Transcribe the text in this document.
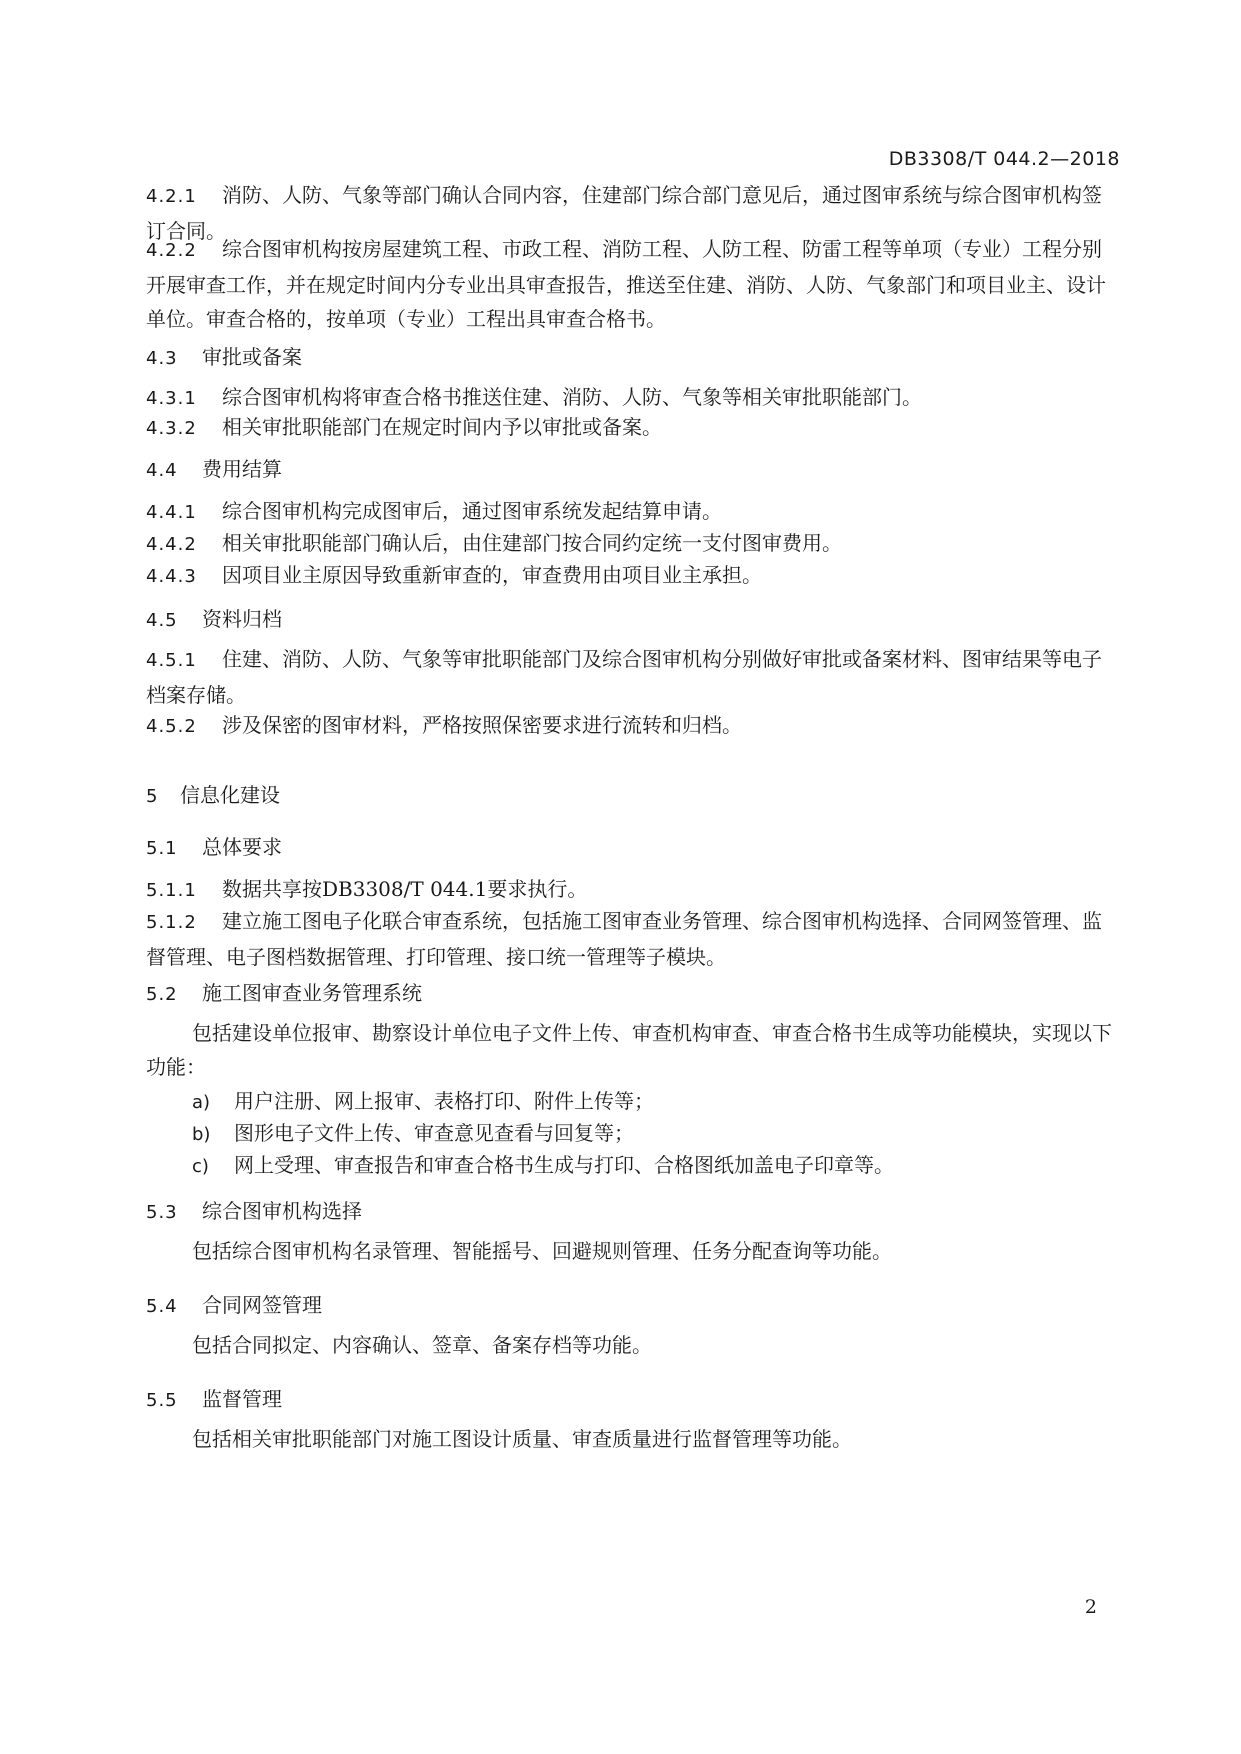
DB3308/T 044.2—2018
4.2.1 消防、人防、气象等部门确认合同内容，住建部门综合部门意见后，通过图审系统与综合图审机构签订合同。
4.2.2 综合图审机构按房屋建筑工程、市政工程、消防工程、人防工程、防雷工程等单项（专业）工程分别开展审查工作，并在规定时间内分专业出具审查报告，推送至住建、消防、人防、气象部门和项目业主、设计单位。审查合格的，按单项（专业）工程出具审查合格书。
4.3 审批或备案
4.3.1 综合图审机构将审查合格书推送住建、消防、人防、气象等相关审批职能部门。
4.3.2 相关审批职能部门在规定时间内予以审批或备案。
4.4 费用结算
4.4.1 综合图审机构完成图审后，通过图审系统发起结算申请。
4.4.2 相关审批职能部门确认后，由住建部门按合同约定统一支付图审费用。
4.4.3 因项目业主原因导致重新审查的，审查费用由项目业主承担。
4.5 资料归档
4.5.1 住建、消防、人防、气象等审批职能部门及综合图审机构分别做好审批或备案材料、图审结果等电子档案存储。
4.5.2 涉及保密的图审材料，严格按照保密要求进行流转和归档。
5 信息化建设
5.1 总体要求
5.1.1 数据共享按DB3308/T 044.1要求执行。
5.1.2 建立施工图电子化联合审查系统，包括施工图审查业务管理、综合图审机构选择、合同网签管理、监督管理、电子图档数据管理、打印管理、接口统一管理等子模块。
5.2 施工图审查业务管理系统
包括建设单位报审、勘察设计单位电子文件上传、审查机构审查、审查合格书生成等功能模块，实现以下功能：
a) 用户注册、网上报审、表格打印、附件上传等；
b) 图形电子文件上传、审查意见查看与回复等；
c) 网上受理、审查报告和审查合格书生成与打印、合格图纸加盖电子印章等。
5.3 综合图审机构选择
包括综合图审机构名录管理、智能摇号、回避规则管理、任务分配查询等功能。
5.4 合同网签管理
包括合同拟定、内容确认、签章、备案存档等功能。
5.5 监督管理
包括相关审批职能部门对施工图设计质量、审查质量进行监督管理等功能。
2
